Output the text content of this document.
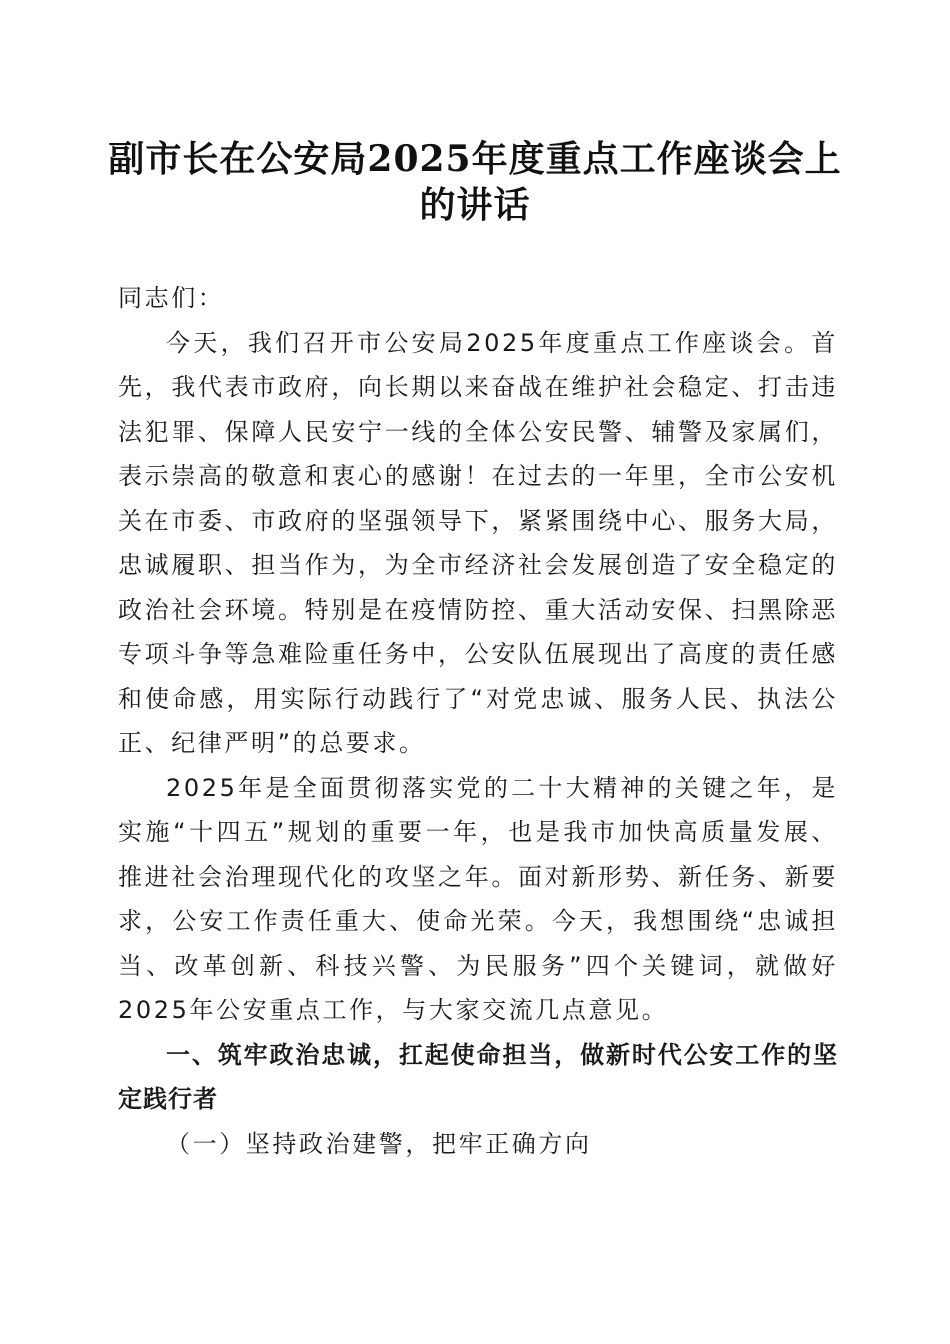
副市长在公安局2025年度重点工作座谈会上的讲话

同志们：

今天，我们召开市公安局2025年度重点工作座谈会。首先，我代表市政府，向长期以来奋战在维护社会稳定、打击违法犯罪、保障人民安宁一线的全体公安民警、辅警及家属们，表示崇高的敬意和衷心的感谢！在过去的一年里，全市公安机关在市委、市政府的坚强领导下，紧紧围绕中心、服务大局，忠诚履职、担当作为，为全市经济社会发展创造了安全稳定的政治社会环境。特别是在疫情防控、重大活动安保、扫黑除恶专项斗争等急难险重任务中，公安队伍展现出了高度的责任感和使命感，用实际行动践行了“对党忠诚、服务人民、执法公正、纪律严明”的总要求。

2025年是全面贯彻落实党的二十大精神的关键之年，是实施“十四五”规划的重要一年，也是我市加快高质量发展、推进社会治理现代化的攻坚之年。面对新形势、新任务、新要求，公安工作责任重大、使命光荣。今天，我想围绕“忠诚担当、改革创新、科技兴警、为民服务”四个关键词，就做好2025年公安重点工作，与大家交流几点意见。

一、筑牢政治忠诚，扛起使命担当，做新时代公安工作的坚定践行者

（一）坚持政治建警，把牢正确方向
